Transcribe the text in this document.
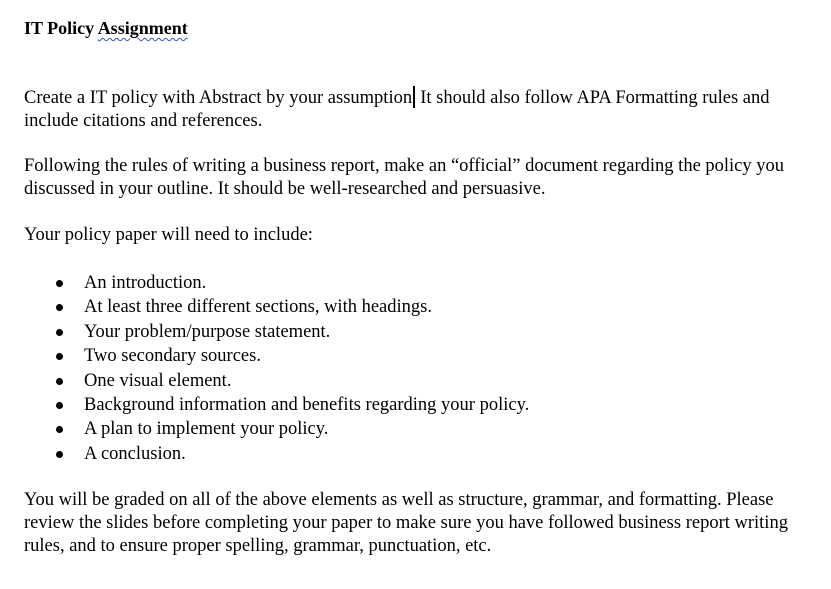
IT Policy Assignment

Create a IT policy with Abstract by your assumption It should also follow APA Formatting rules and include citations and references.

Following the rules of writing a business report, make an “official” document regarding the policy you discussed in your outline. It should be well-researched and persuasive.

Your policy paper will need to include:

An introduction.
At least three different sections, with headings.
Your problem/purpose statement.
Two secondary sources.
One visual element.
Background information and benefits regarding your policy.
A plan to implement your policy.
A conclusion.

You will be graded on all of the above elements as well as structure, grammar, and formatting. Please review the slides before completing your paper to make sure you have followed business report writing rules, and to ensure proper spelling, grammar, punctuation, etc.
